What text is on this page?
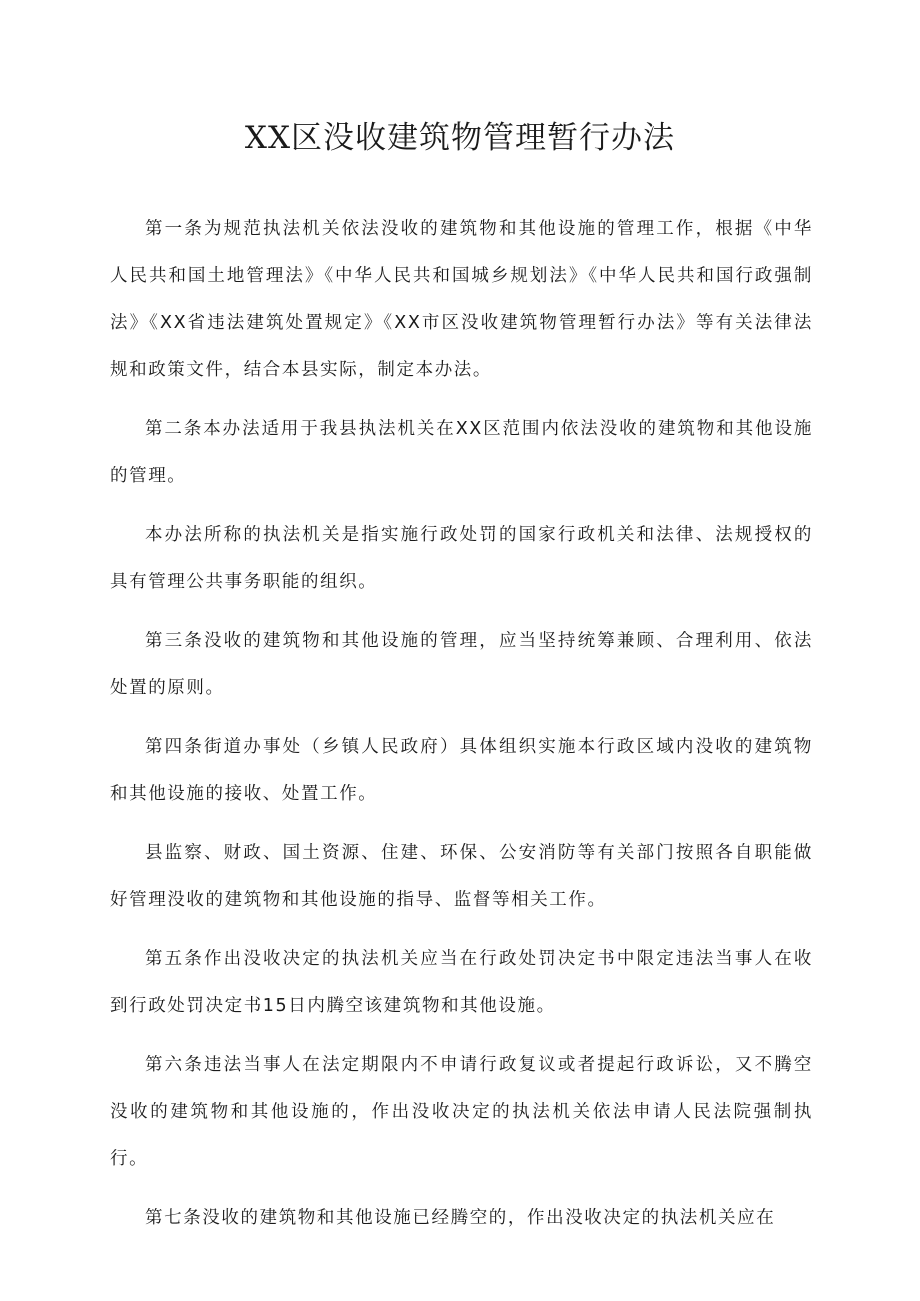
XX区没收建筑物管理暂行办法

第一条为规范执法机关依法没收的建筑物和其他设施的管理工作，根据《中华人民共和国土地管理法》《中华人民共和国城乡规划法》《中华人民共和国行政强制法》《XX省违法建筑处置规定》《XX市区没收建筑物管理暂行办法》等有关法律法规和政策文件，结合本县实际，制定本办法。

第二条本办法适用于我县执法机关在XX区范围内依法没收的建筑物和其他设施的管理。

本办法所称的执法机关是指实施行政处罚的国家行政机关和法律、法规授权的具有管理公共事务职能的组织。

第三条没收的建筑物和其他设施的管理，应当坚持统筹兼顾、合理利用、依法处置的原则。

第四条街道办事处（乡镇人民政府）具体组织实施本行政区域内没收的建筑物和其他设施的接收、处置工作。

县监察、财政、国土资源、住建、环保、公安消防等有关部门按照各自职能做好管理没收的建筑物和其他设施的指导、监督等相关工作。

第五条作出没收决定的执法机关应当在行政处罚决定书中限定违法当事人在收到行政处罚决定书15日内腾空该建筑物和其他设施。

第六条违法当事人在法定期限内不申请行政复议或者提起行政诉讼，又不腾空没收的建筑物和其他设施的，作出没收决定的执法机关依法申请人民法院强制执行。

第七条没收的建筑物和其他设施已经腾空的，作出没收决定的执法机关应在
